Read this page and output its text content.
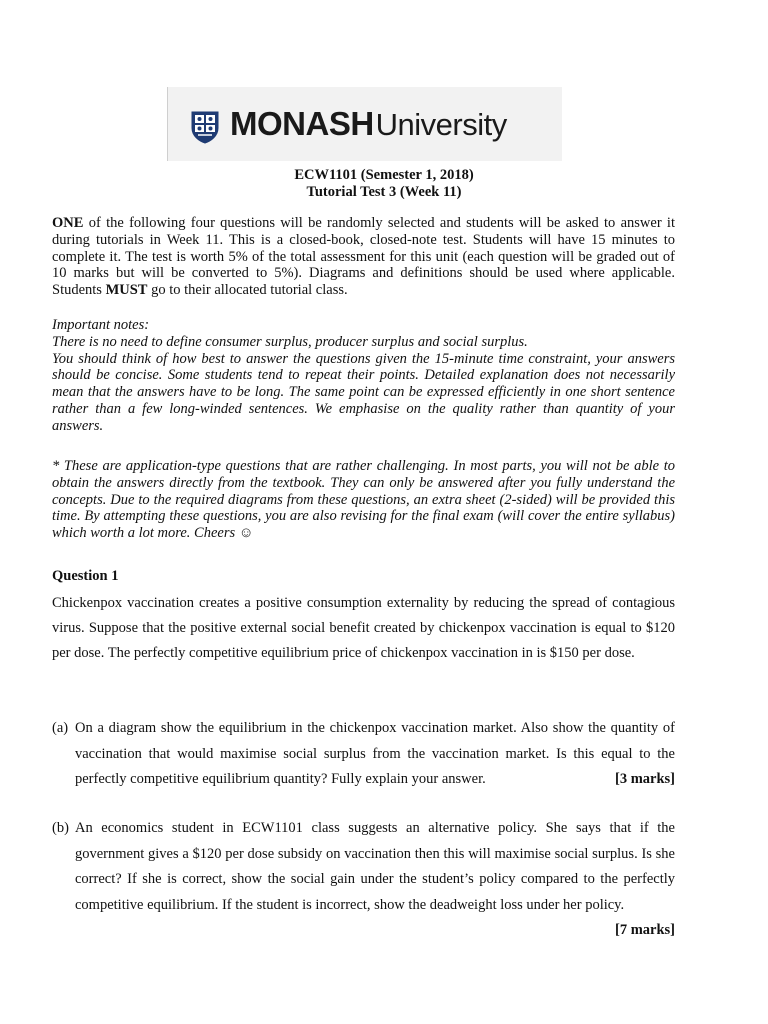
MONASHUniversity
ECW1101 (Semester 1, 2018)
Tutorial Test 3 (Week 11)
ONE of the following four questions will be randomly selected and students will be asked to answer it during tutorials in Week 11. This is a closed-book, closed-note test. Students will have 15 minutes to complete it. The test is worth 5% of the total assessment for this unit (each question will be graded out of 10 marks but will be converted to 5%). Diagrams and definitions should be used where applicable. Students MUST go to their allocated tutorial class.
Important notes:
There is no need to define consumer surplus, producer surplus and social surplus.
You should think of how best to answer the questions given the 15-minute time constraint, your answers should be concise. Some students tend to repeat their points. Detailed explanation does not necessarily mean that the answers have to be long. The same point can be expressed efficiently in one short sentence rather than a few long-winded sentences. We emphasise on the quality rather than quantity of your answers.
* These are application-type questions that are rather challenging. In most parts, you will not be able to obtain the answers directly from the textbook. They can only be answered after you fully understand the concepts. Due to the required diagrams from these questions, an extra sheet (2-sided) will be provided this time. By attempting these questions, you are also revising for the final exam (will cover the entire syllabus) which worth a lot more. Cheers ☺
Question 1
Chickenpox vaccination creates a positive consumption externality by reducing the spread of contagious virus. Suppose that the positive external social benefit created by chickenpox vaccination is equal to $120 per dose. The perfectly competitive equilibrium price of chickenpox vaccination in is $150 per dose.
(a) On a diagram show the equilibrium in the chickenpox vaccination market. Also show the quantity of vaccination that would maximise social surplus from the vaccination market. Is this equal to the perfectly competitive equilibrium quantity? Fully explain your answer.	[3 marks]
(b) An economics student in ECW1101 class suggests an alternative policy. She says that if the government gives a $120 per dose subsidy on vaccination then this will maximise social surplus. Is she correct? If she is correct, show the social gain under the student’s policy compared to the perfectly competitive equilibrium. If the student is incorrect, show the deadweight loss under her policy.
[7 marks]
